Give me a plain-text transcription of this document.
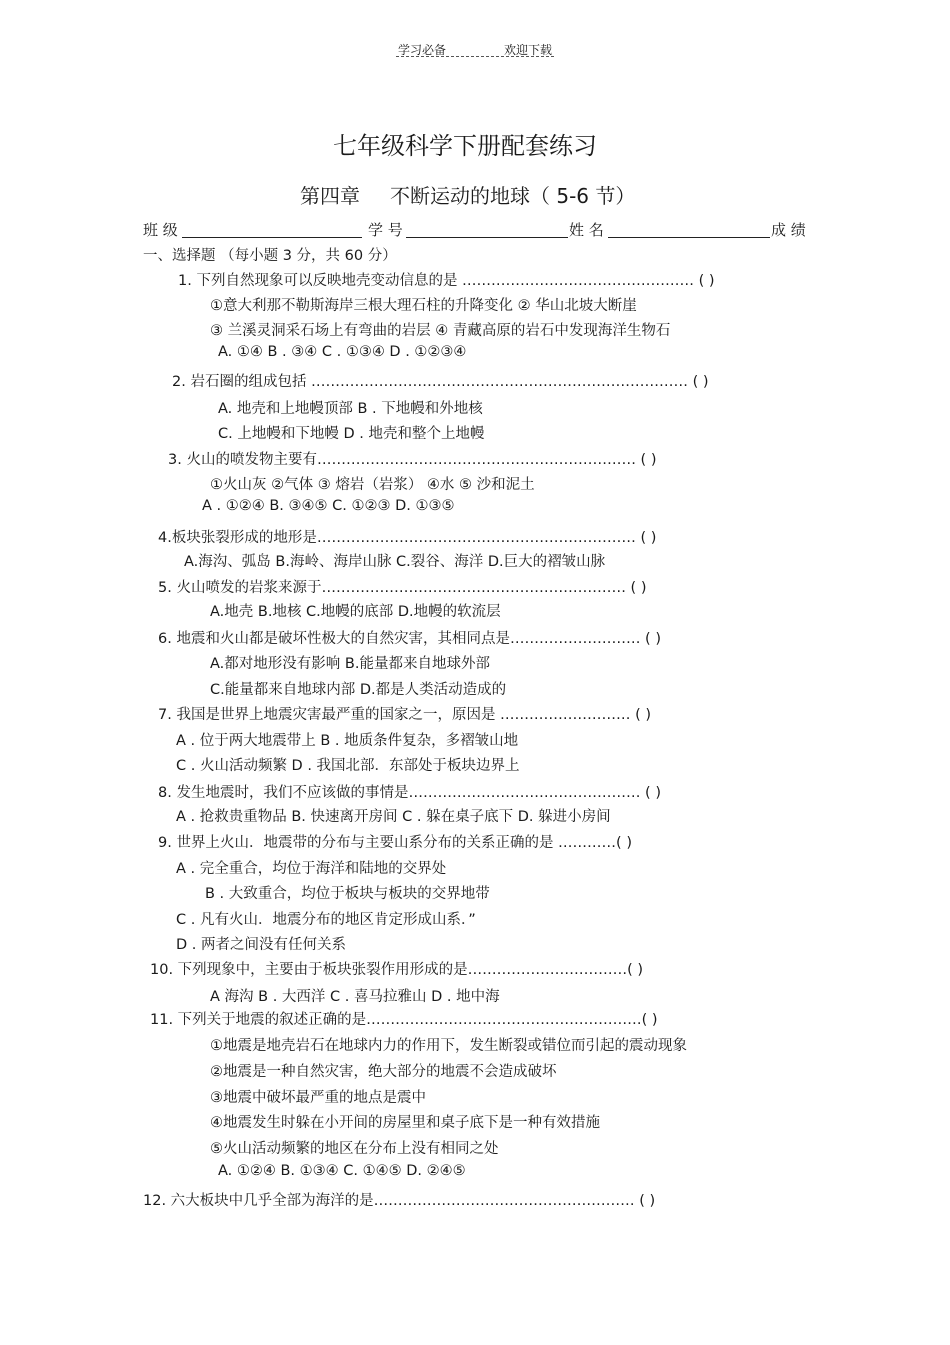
学习必备	欢迎下载
七年级科学下册配套练习
第四章 不断运动的地球（ 5-6 节）
班 级	学 号	姓 名	成 绩
一、选择题 （每小题 3 分，共 60 分）
1. 下列自然现象可以反映地壳变动信息的是 ………………………………………… ( )
①意大利那不勒斯海岸三根大理石柱的升降变化 ② 华山北坡大断崖
③ 兰溪灵洞采石场上有弯曲的岩层 ④ 青藏高原的岩石中发现海洋生物石
A. ①④ B . ③④ C . ①③④ D . ①②③④
2. 岩石圈的组成包括 …………………………………………………………………… ( )
A. 地壳和上地幔顶部 B . 下地幔和外地核
C. 上地幔和下地幔 D . 地壳和整个上地幔
3. 火山的喷发物主要有………………………………………………………… ( )
①火山灰 ②气体 ③ 熔岩（岩浆） ④水 ⑤ 沙和泥土
A . ①②④ B. ③④⑤ C. ①②③ D. ①③⑤
4.板块张裂形成的地形是………………………………………………………… ( )
A.海沟、弧岛 B.海岭、海岸山脉 C.裂谷、海洋 D.巨大的褶皱山脉
5. 火山喷发的岩浆来源于……………………………………………………… ( )
A.地壳 B.地核 C.地幔的底部 D.地幔的软流层
6. 地震和火山都是破坏性极大的自然灾害，其相同点是……………………… ( )
A.都对地形没有影响 B.能量都来自地球外部
C.能量都来自地球内部 D.都是人类活动造成的
7. 我国是世界上地震灾害最严重的国家之一，原因是 ……………………… ( )
A . 位于两大地震带上 B . 地质条件复杂，多褶皱山地
C . 火山活动频繁 D . 我国北部．东部处于板块边界上
8. 发生地震时，我们不应该做的事情是………………………………………… ( )
A . 抢救贵重物品 B. 快速离开房间 C . 躲在桌子底下 D. 躲进小房间
9. 世界上火山．地震带的分布与主要山系分布的关系正确的是 …………( )
A . 完全重合，均位于海洋和陆地的交界处
B . 大致重合，均位于板块与板块的交界地带
C . 凡有火山．地震分布的地区肯定形成山系．”
D . 两者之间没有任何关系
10. 下列现象中，主要由于板块张裂作用形成的是……………………………( )
A 海沟 B . 大西洋 C . 喜马拉雅山 D . 地中海
11. 下列关于地震的叙述正确的是…………………………………………………( )
①地震是地壳岩石在地球内力的作用下，发生断裂或错位而引起的震动现象
②地震是一种自然灾害，绝大部分的地震不会造成破坏
③地震中破坏最严重的地点是震中
④地震发生时躲在小开间的房屋里和桌子底下是一种有效措施
⑤火山活动频繁的地区在分布上没有相同之处
A. ①②④ B. ①③④ C. ①④⑤ D. ②④⑤
12. 六大板块中几乎全部为海洋的是……………………………………………… ( )
